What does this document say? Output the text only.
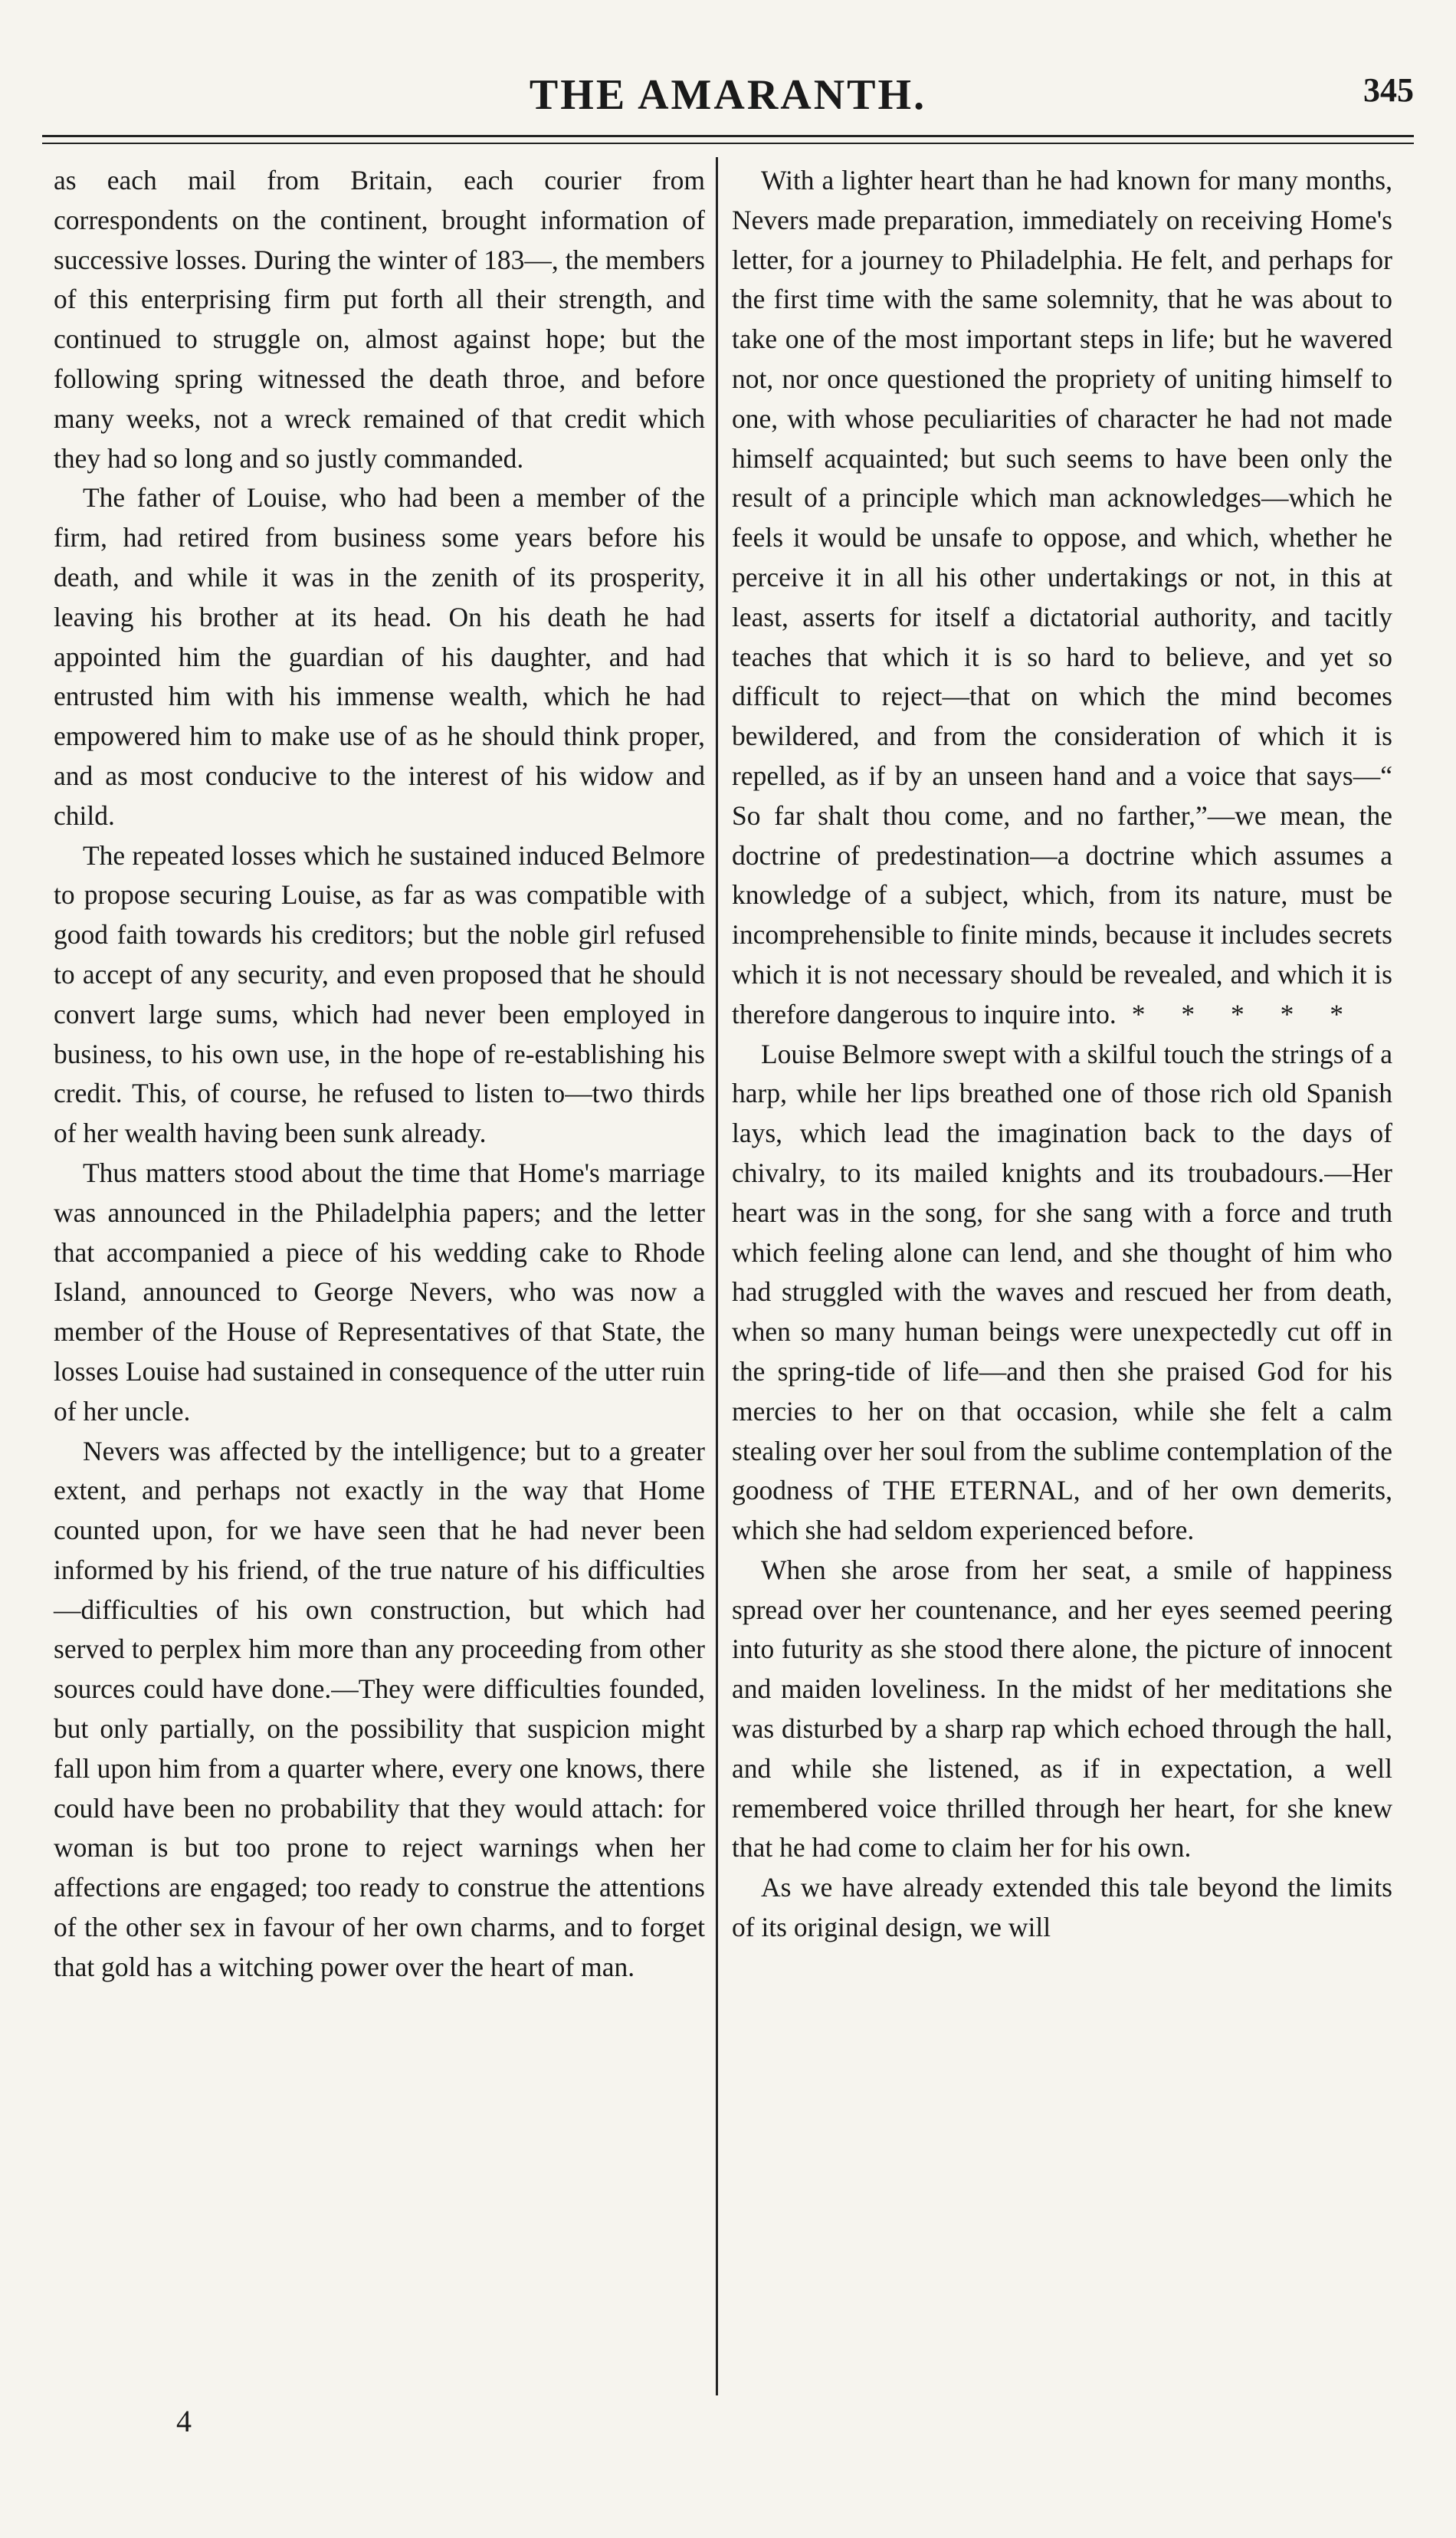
THE AMARANTH.	345

as each mail from Britain, each courier from correspondents on the continent, brought information of successive losses. During the winter of 183—, the members of this enterprising firm put forth all their strength, and continued to struggle on, almost against hope; but the following spring witnessed the death throe, and before many weeks, not a wreck remained of that credit which they had so long and so justly commanded.

The father of Louise, who had been a member of the firm, had retired from business some years before his death, and while it was in the zenith of its prosperity, leaving his brother at its head. On his death he had appointed him the guardian of his daughter, and had entrusted him with his immense wealth, which he had empowered him to make use of as he should think proper, and as most conducive to the interest of his widow and child.

The repeated losses which he sustained induced Belmore to propose securing Louise, as far as was compatible with good faith towards his creditors; but the noble girl refused to accept of any security, and even proposed that he should convert large sums, which had never been employed in business, to his own use, in the hope of re-establishing his credit. This, of course, he refused to listen to—two thirds of her wealth having been sunk already.

Thus matters stood about the time that Home's marriage was announced in the Philadelphia papers; and the letter that accompanied a piece of his wedding cake to Rhode Island, announced to George Nevers, who was now a member of the House of Representatives of that State, the losses Louise had sustained in consequence of the utter ruin of her uncle.

Nevers was affected by the intelligence; but to a greater extent, and perhaps not exactly in the way that Home counted upon, for we have seen that he had never been informed by his friend, of the true nature of his difficulties—difficulties of his own construction, but which had served to perplex him more than any proceeding from other sources could have done.—They were difficulties founded, but only partially, on the possibility that suspicion might fall upon him from a quarter where, every one knows, there could have been no probability that they would attach: for woman is but too prone to reject warnings when her affections are engaged; too ready to construe the attentions of the other sex in favour of her own charms, and to forget that gold has a witching power over the heart of man.

With a lighter heart than he had known for many months, Nevers made preparation, immediately on receiving Home's letter, for a journey to Philadelphia. He felt, and perhaps for the first time with the same solemnity, that he was about to take one of the most important steps in life; but he wavered not, nor once questioned the propriety of uniting himself to one, with whose peculiarities of character he had not made himself acquainted; but such seems to have been only the result of a principle which man acknowledges—which he feels it would be unsafe to oppose, and which, whether he perceive it in all his other undertakings or not, in this at least, asserts for itself a dictatorial authority, and tacitly teaches that which it is so hard to believe, and yet so difficult to reject—that on which the mind becomes bewildered, and from the consideration of which it is repelled, as if by an unseen hand and a voice that says—“ So far shalt thou come, and no farther,”—we mean, the doctrine of predestination—a doctrine which assumes a knowledge of a subject, which, from its nature, must be incomprehensible to finite minds, because it includes secrets which it is not necessary should be revealed, and which it is therefore dangerous to inquire into. * * * * *

Louise Belmore swept with a skilful touch the strings of a harp, while her lips breathed one of those rich old Spanish lays, which lead the imagination back to the days of chivalry, to its mailed knights and its troubadours.—Her heart was in the song, for she sang with a force and truth which feeling alone can lend, and she thought of him who had struggled with the waves and rescued her from death, when so many human beings were unexpectedly cut off in the spring-tide of life—and then she praised God for his mercies to her on that occasion, while she felt a calm stealing over her soul from the sublime contemplation of the goodness of THE ETERNAL, and of her own demerits, which she had seldom experienced before.

When she arose from her seat, a smile of happiness spread over her countenance, and her eyes seemed peering into futurity as she stood there alone, the picture of innocent and maiden loveliness. In the midst of her meditations she was disturbed by a sharp rap which echoed through the hall, and while she listened, as if in expectation, a well remembered voice thrilled through her heart, for she knew that he had come to claim her for his own.

As we have already extended this tale beyond the limits of its original design, we will

4
